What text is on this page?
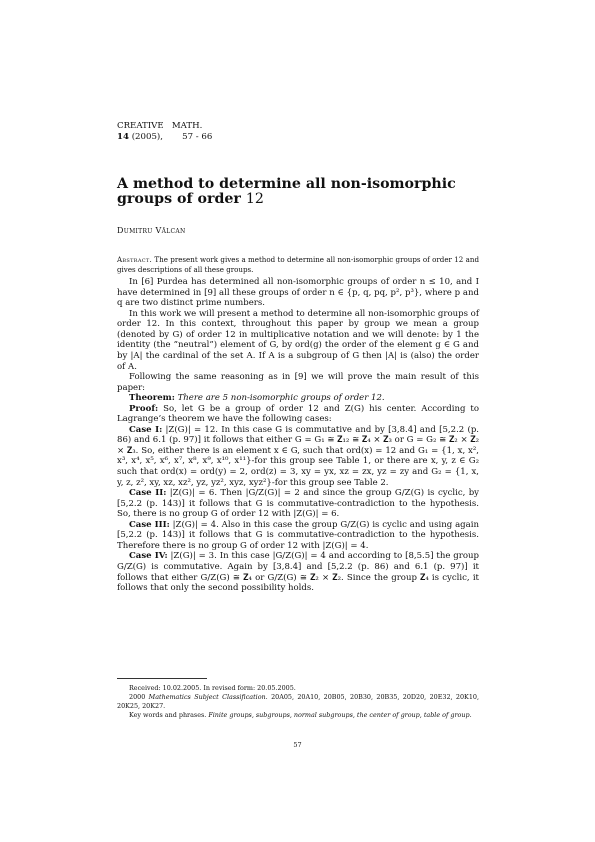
CREATIVE   MATH.
14 (2005),       57 - 66
A method to determine all non-isomorphic groups of order 12
Dumitru Vălcan

Abstract. The present work gives a method to determine all non-isomorphic groups of order 12 and gives descriptions of all these groups.

In [6] Purdea has determined all non-isomorphic groups of order n ≤ 10, and I have determined in [9] all these groups of order n ∈ {p, q, pq, p², p³}, where p and q are two distinct prime numbers.

In this work we will present a method to determine all non-isomorphic groups of order 12. In this context, throughout this paper by group we mean a group (denoted by G) of order 12 in multiplicative notation and we will denote: by 1 the identity (the ”neutral”) element of G, by ord(g) the order of the element g ∈ G and by |A| the cardinal of the set A. If A is a subgroup of G then |A| is (also) the order of A.

Following the same reasoning as in [9] we will prove the main result of this paper:

Theorem: There are 5 non-isomorphic groups of order 12.

Proof: So, let G be a group of order 12 and Z(G) his center. According to Lagrange’s theorem we have the following cases:

Case I: |Z(G)| = 12. In this case G is commutative and by [3,8.4] and [5,2.2 (p. 86) and 6.1 (p. 97)] it follows that either G = G₁ ≅ 𝐙₁₂ ≅ 𝐙₄ × 𝐙₃ or G = G₂ ≅ 𝐙₂ × 𝐙₂ × 𝐙₃. So, either there is an element x ∈ G, such that ord(x) = 12 and G₁ = {1, x, x², x³, x⁴, x⁵, x⁶, x⁷, x⁸, x⁹, x¹⁰, x¹¹}-for this group see Table 1, or there are x, y, z ∈ G₂ such that ord(x) = ord(y) = 2, ord(z) = 3, xy = yx, xz = zx, yz = zy and G₂ = {1, x, y, z, z², xy, xz, xz², yz, yz², xyz, xyz²}-for this group see Table 2.

Case II: |Z(G)| = 6. Then |G/Z(G)| = 2 and since the group G/Z(G) is cyclic, by [5,2.2 (p. 143)] it follows that G is commutative-contradiction to the hypothesis. So, there is no group G of order 12 with |Z(G)| = 6.

Case III: |Z(G)| = 4. Also in this case the group G/Z(G) is cyclic and using again [5,2.2 (p. 143)] it follows that G is commutative-contradiction to the hypothesis. Therefore there is no group G of order 12 with |Z(G)| = 4.

Case IV: |Z(G)| = 3. In this case |G/Z(G)| = 4 and according to [8,5.5] the group G/Z(G) is commutative. Again by [3,8.4] and [5,2.2 (p. 86) and 6.1 (p. 97)] it follows that either G/Z(G) ≅ 𝐙₄ or G/Z(G) ≅ 𝐙₂ × 𝐙₂. Since the group 𝐙₄ is cyclic, it follows that only the second possibility holds.

Received: 10.02.2005. In revised form: 20.05.2005.

2000 Mathematics Subject Classification. 20A05, 20A10, 20B05, 20B30, 20B35, 20D20, 20E32, 20K10, 20K25, 20K27.

Key words and phrases. Finite groups, subgroups, normal subgroups, the center of group, table of group.

57
